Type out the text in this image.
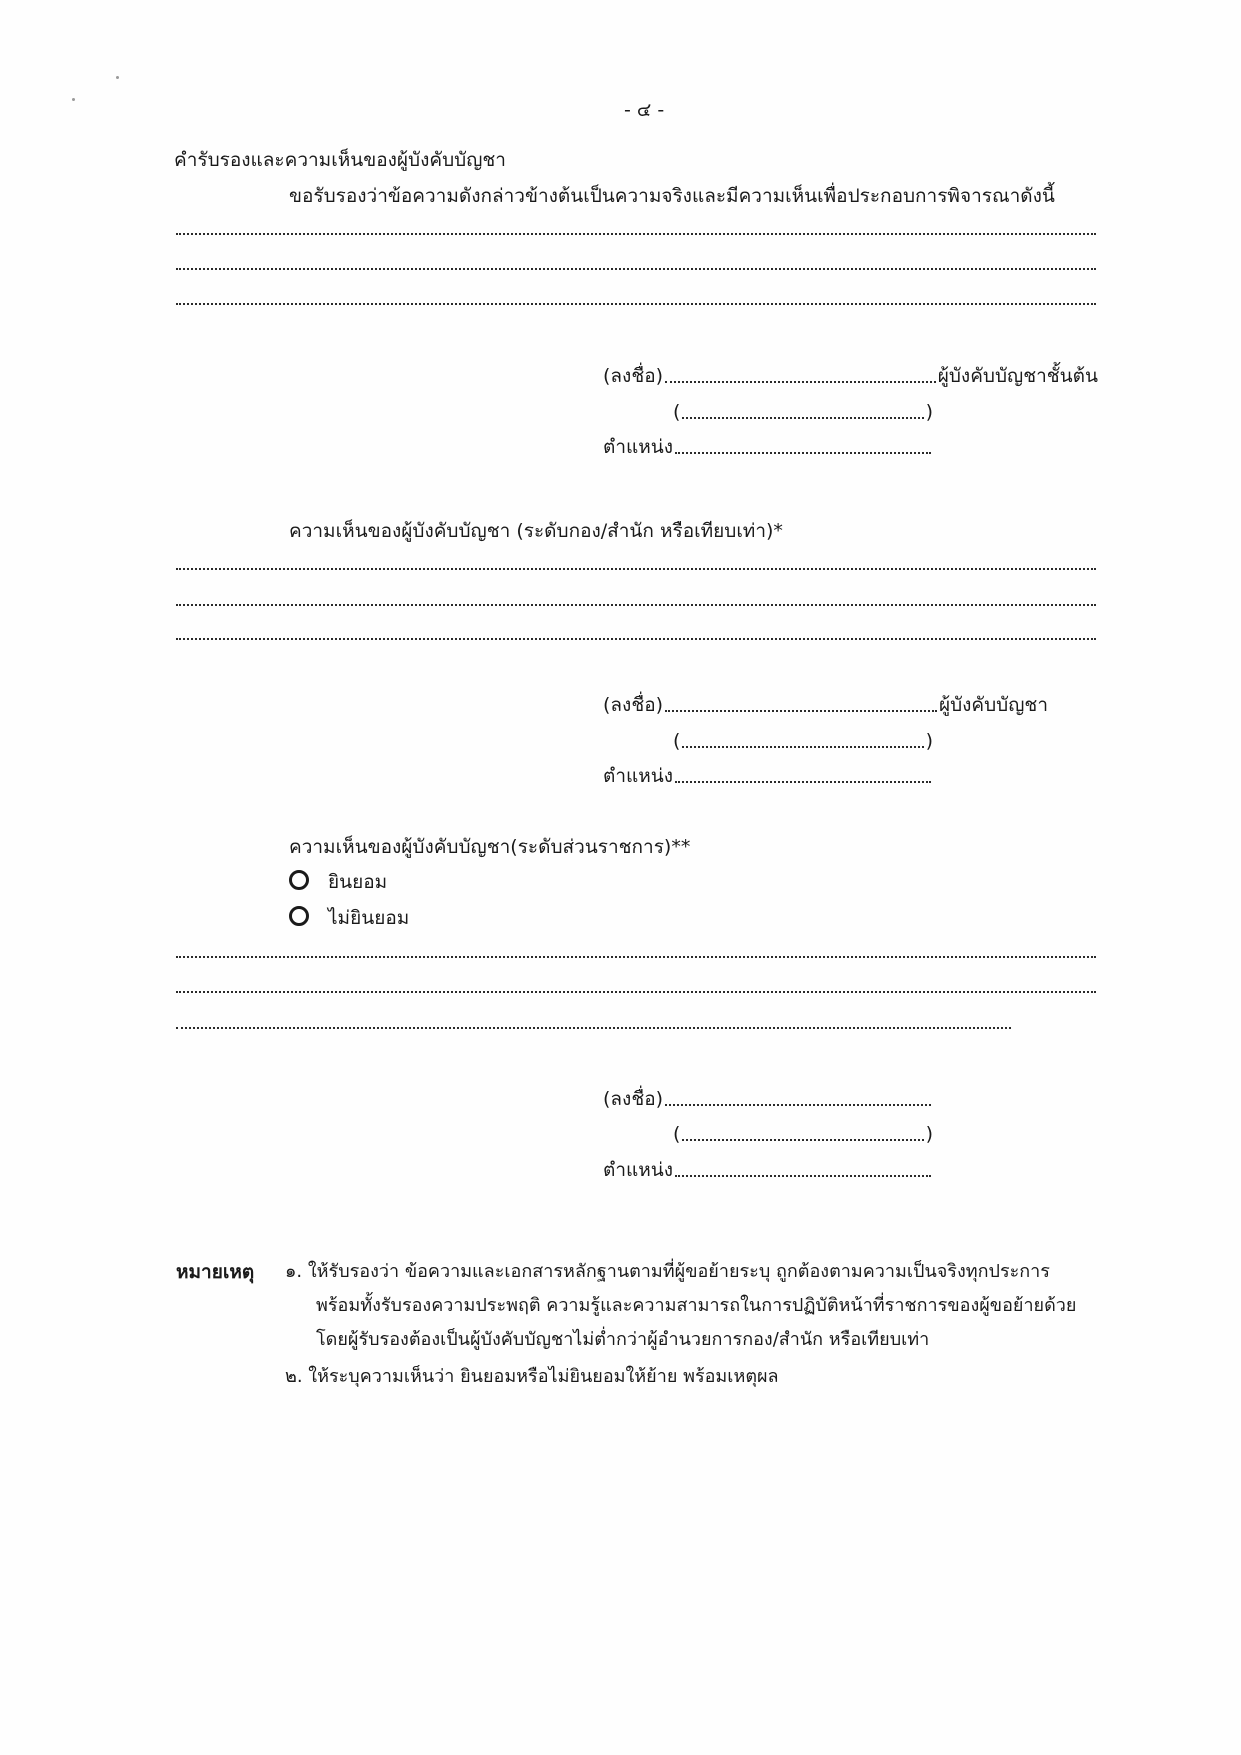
- ๔ -
คำรับรองและความเห็นของผู้บังคับบัญชา
ขอรับรองว่าข้อความดังกล่าวข้างต้นเป็นความจริงและมีความเห็นเพื่อประกอบการพิจารณาดังนี้
(ลงชื่อ)	ผู้บังคับบัญชาชั้นต้น
(	)
ตำแหน่ง
ความเห็นของผู้บังคับบัญชา (ระดับกอง/สำนัก หรือเทียบเท่า)*
(ลงชื่อ)	ผู้บังคับบัญชา
(	)
ตำแหน่ง
ความเห็นของผู้บังคับบัญชา(ระดับส่วนราชการ)**
ยินยอม
ไม่ยินยอม
(ลงชื่อ)
(	)
ตำแหน่ง
หมายเหตุ ๑. ให้รับรองว่า ข้อความและเอกสารหลักฐานตามที่ผู้ขอย้ายระบุ ถูกต้องตามความเป็นจริงทุกประการ
พร้อมทั้งรับรองความประพฤติ ความรู้และความสามารถในการปฏิบัติหน้าที่ราชการของผู้ขอย้ายด้วย
โดยผู้รับรองต้องเป็นผู้บังคับบัญชาไม่ต่ำกว่าผู้อำนวยการกอง/สำนัก หรือเทียบเท่า
๒. ให้ระบุความเห็นว่า ยินยอมหรือไม่ยินยอมให้ย้าย พร้อมเหตุผล
